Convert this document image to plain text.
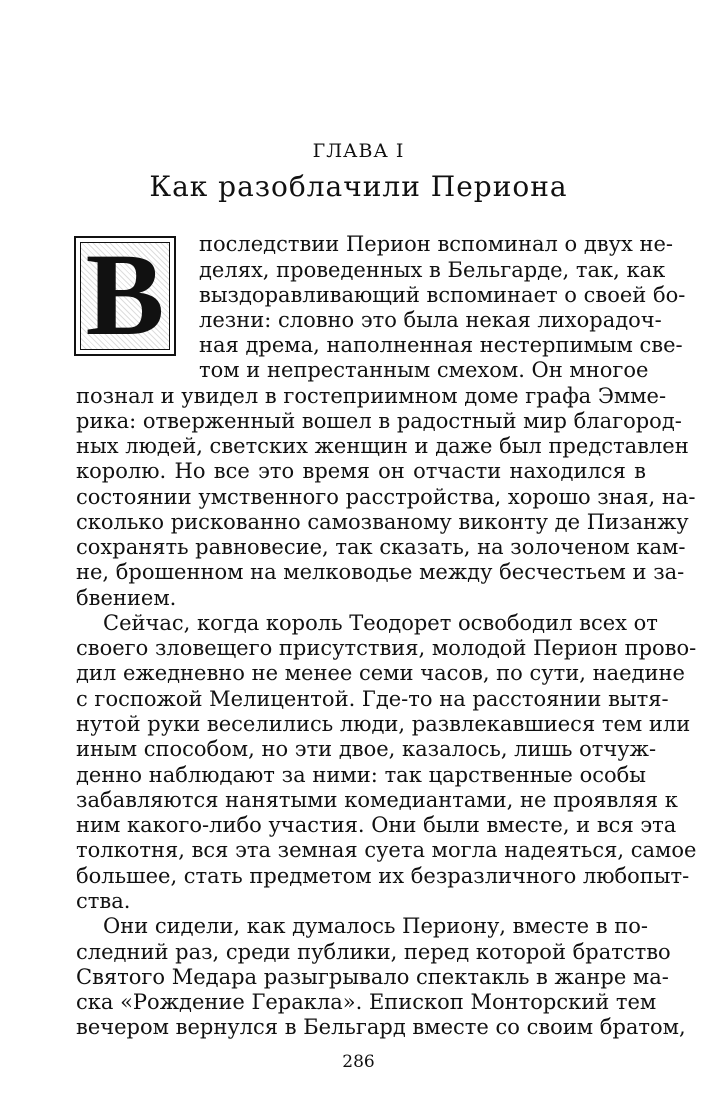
ГЛАВА I
Как разоблачили Периона
В последствии Перион вспоминал о двух не-
делях, проведенных в Бельгарде, так, как
выздоравливающий вспоминает о своей бо-
лезни: словно это была некая лихорадоч-
ная дрема, наполненная нестерпимым све-
том и непрестанным смехом. Он многое
познал и увидел в гостеприимном доме графа Эмме-
рика: отверженный вошел в радостный мир благород-
ных людей, светских женщин и даже был представлен
королю. Но все это время он отчасти находился в
состоянии умственного расстройства, хорошо зная, на-
сколько рискованно самозваному виконту де Пизанжу
сохранять равновесие, так сказать, на золоченом кам-
не, брошенном на мелководье между бесчестьем и за-
бвением.
Сейчас, когда король Теодорет освободил всех от
своего зловещего присутствия, молодой Перион прово-
дил ежедневно не менее семи часов, по сути, наедине
с госпожой Мелицентой. Где-то на расстоянии вытя-
нутой руки веселились люди, развлекавшиеся тем или
иным способом, но эти двое, казалось, лишь отчуж-
денно наблюдают за ними: так царственные особы
забавляются нанятыми комедиантами, не проявляя к
ним какого-либо участия. Они были вместе, и вся эта
толкотня, вся эта земная суета могла надеяться, самое
большее, стать предметом их безразличного любопыт-
ства.
Они сидели, как думалось Периону, вместе в по-
следний раз, среди публики, перед которой братство
Святого Медара разыгрывало спектакль в жанре ма-
ска «Рождение Геракла». Епископ Монторский тем
вечером вернулся в Бельгард вместе со своим братом,
286
